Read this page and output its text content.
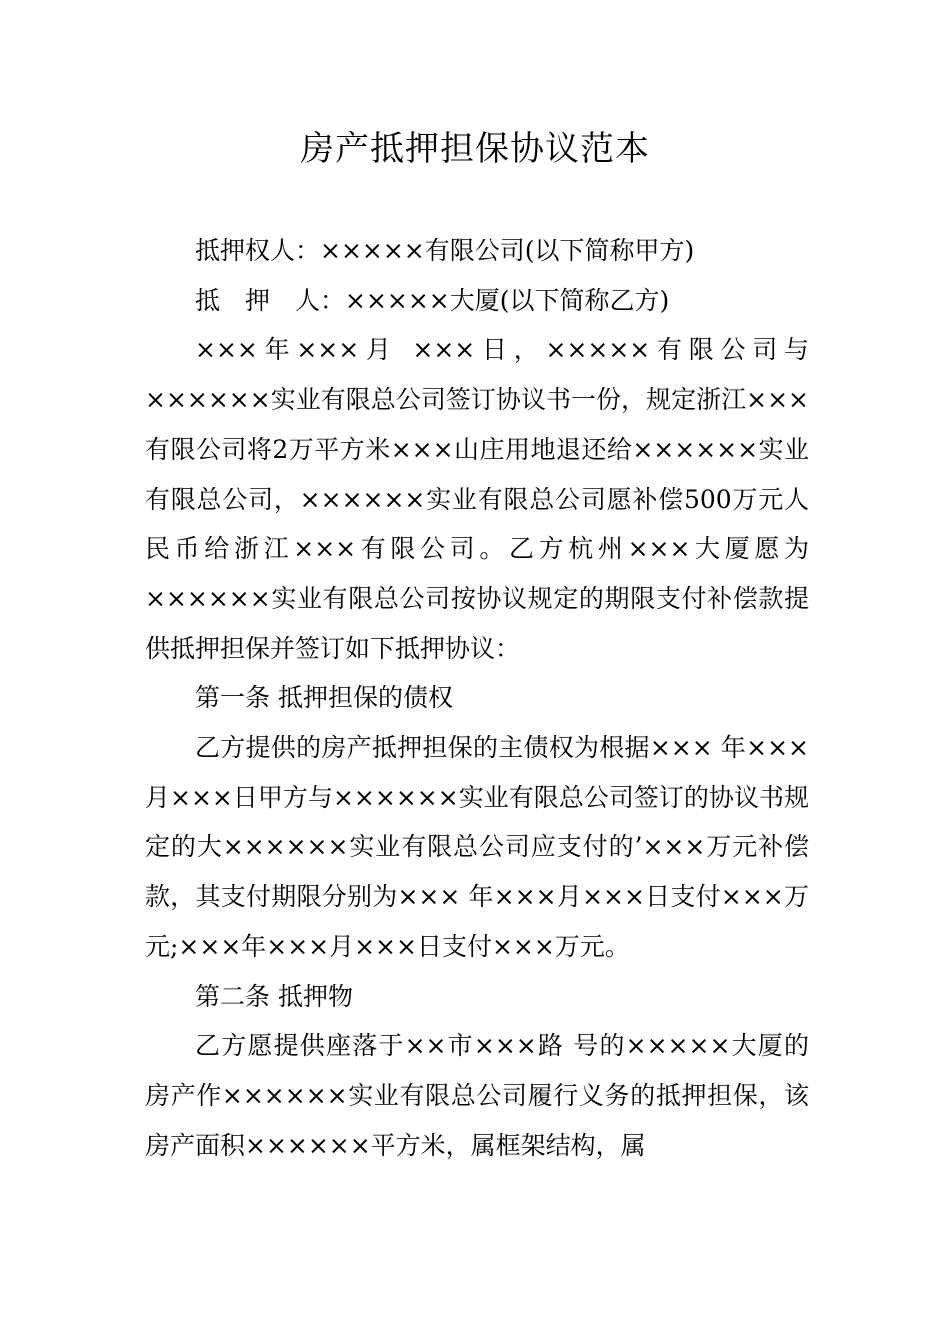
房产抵押担保协议范本

抵押权人：×××××有限公司(以下简称甲方)

抵　押　人：×××××大厦(以下简称乙方)

×××年×××月 ×××日，×××××有限公司与××××××实业有限总公司签订协议书一份，规定浙江×××有限公司将2万平方米×××山庄用地退还给××××××实业有限总公司，××××××实业有限总公司愿补偿500万元人民币给浙江×××有限公司。乙方杭州×××大厦愿为××××××实业有限总公司按协议规定的期限支付补偿款提供抵押担保并签订如下抵押协议：

第一条 抵押担保的债权

乙方提供的房产抵押担保的主债权为根据××× 年×××月×××日甲方与××××××实业有限总公司签订的协议书规定的大××××××实业有限总公司应支付的’×××万元补偿款，其支付期限分别为××× 年×××月×××日支付×××万元;×××年×××月×××日支付×××万元。

第二条 抵押物

乙方愿提供座落于××市×××路 号的×××××大厦的房产作××××××实业有限总公司履行义务的抵押担保，该房产面积××××××平方米，属框架结构，属
